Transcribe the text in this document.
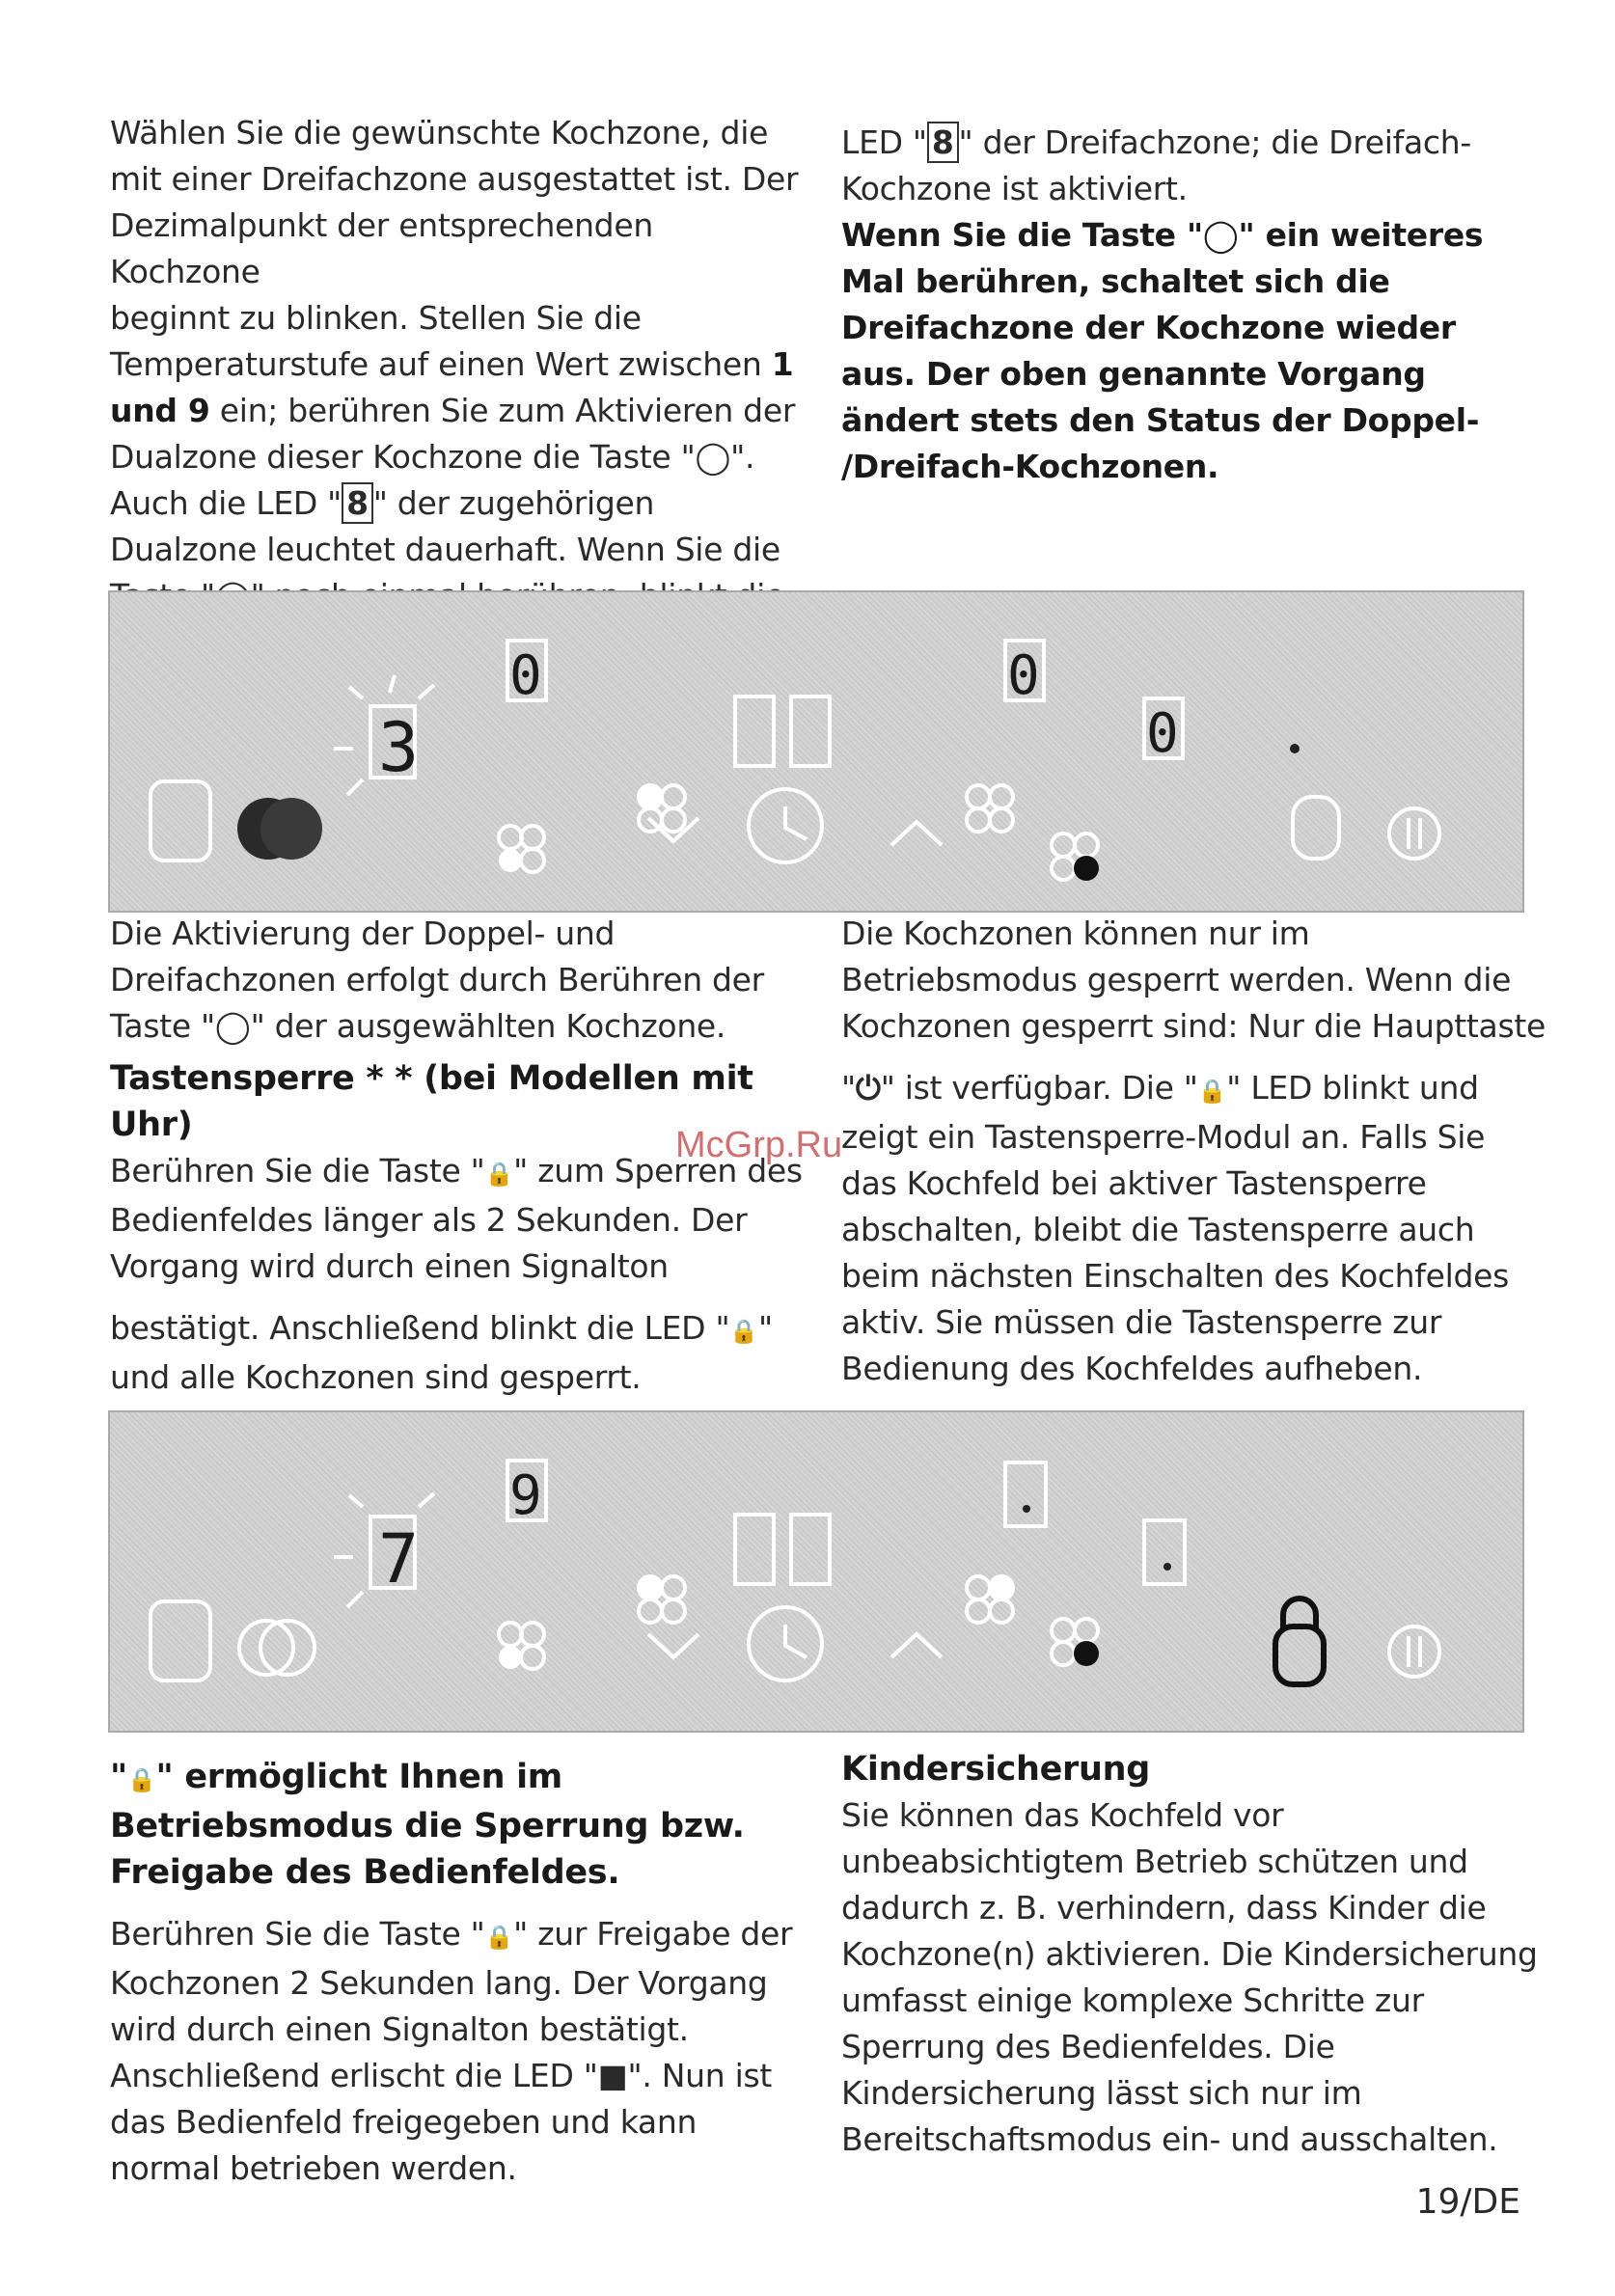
Wählen Sie die gewünschte Kochzone, die

mit einer Dreifachzone ausgestattet ist. Der

Dezimalpunkt der entsprechenden Kochzone

beginnt zu blinken. Stellen Sie die

Temperaturstufe auf einen Wert zwischen 1

und 9 ein; berühren Sie zum Aktivieren der

Dualzone dieser Kochzone die Taste "◯".

Auch die LED " 8 " der zugehörigen

Dualzone leuchtet dauerhaft. Wenn Sie die

LED " 8 " der Dreifachzone; die Dreifach-

Kochzone ist aktiviert.

Wenn Sie die Taste "◯" ein weiteres

Mal berühren, schaltet sich die

Dreifachzone der Kochzone wieder

aus. Der oben genannte Vorgang

ändert stets den Status der Doppel-

/Dreifach-Kochzonen.

3
0	0
0

Die Aktivierung der Doppel- und

Dreifachzonen erfolgt durch Berühren der

Taste "◯" der ausgewählten Kochzone.

Tastensperre * * (bei Modellen mit

Uhr)

Berühren Sie die Taste "🔒" zum Sperren des

Bedienfeldes länger als 2 Sekunden. Der

Vorgang wird durch einen Signalton

bestätigt. Anschließend blinkt die LED "🔒"

und alle Kochzonen sind gesperrt.

Die Kochzonen können nur im

Betriebsmodus gesperrt werden. Wenn die

Kochzonen gesperrt sind: Nur die Haupttaste

"⏻" ist verfügbar. Die "🔒" LED blinkt und

zeigt ein Tastensperre-Modul an. Falls Sie

das Kochfeld bei aktiver Tastensperre

abschalten, bleibt die Tastensperre auch

beim nächsten Einschalten des Kochfeldes

aktiv. Sie müssen die Tastensperre zur

Bedienung des Kochfeldes aufheben.

McGrp.Ru
7
9

"🔒" ermöglicht Ihnen im

Betriebsmodus die Sperrung bzw.

Freigabe des Bedienfeldes.

Berühren Sie die Taste "🔒" zur Freigabe der

Kochzonen 2 Sekunden lang. Der Vorgang

wird durch einen Signalton bestätigt.

Anschließend erlischt die LED "■". Nun ist

das Bedienfeld freigegeben und kann

normal betrieben werden.

Kindersicherung

Sie können das Kochfeld vor

unbeabsichtigtem Betrieb schützen und

dadurch z. B. verhindern, dass Kinder die

Kochzone(n) aktivieren. Die Kindersicherung

umfasst einige komplexe Schritte zur

Sperrung des Bedienfeldes. Die

Kindersicherung lässt sich nur im

Bereitschaftsmodus ein- und ausschalten.

19/DE
